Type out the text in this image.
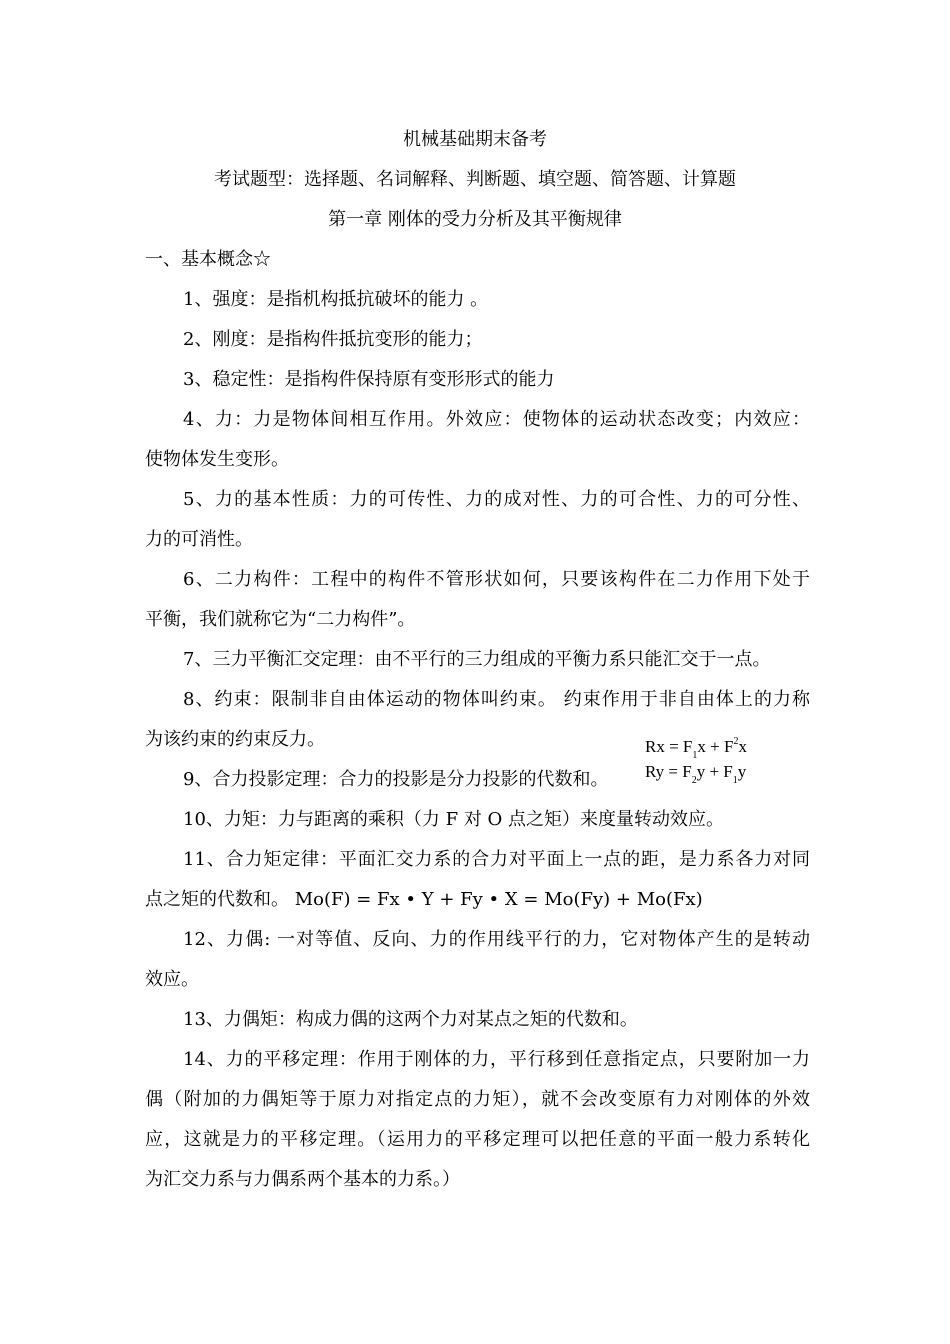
机械基础期末备考
考试题型：选择题、名词解释、判断题、填空题、简答题、计算题
第一章 刚体的受力分析及其平衡规律
一、基本概念☆
1、强度：是指机构抵抗破坏的能力 。
2、刚度：是指构件抵抗变形的能力；
3、稳定性：是指构件保持原有变形形式的能力
4、力：力是物体间相互作用。外效应：使物体的运动状态改变；内效应：
使物体发生变形。
5、力的基本性质：力的可传性、力的成对性、力的可合性、力的可分性、
力的可消性。
6、二力构件：工程中的构件不管形状如何，只要该构件在二力作用下处于
平衡，我们就称它为“二力构件”。
7、三力平衡汇交定理：由不平行的三力组成的平衡力系只能汇交于一点。
8、约束：限制非自由体运动的物体叫约束。 约束作用于非自由体上的力称
为该约束的约束反力。
9、合力投影定理：合力的投影是分力投影的代数和。
$Rx = F_1x + F_2x$
$Ry = F_2y + F_1y$
10、力矩：力与距离的乘积（力 F 对 O 点之矩）来度量转动效应。
11、合力矩定律：平面汇交力系的合力对平面上一点的距，是力系各力对同
点之矩的代数和。 Mo(F) = Fx • Y + Fy • X = Mo(Fy) + Mo(Fx)
12、力偶: 一对等值、反向、力的作用线平行的力，它对物体产生的是转动
效应。
13、力偶矩：构成力偶的这两个力对某点之矩的代数和。
14、力的平移定理：作用于刚体的力，平行移到任意指定点，只要附加一力
偶（附加的力偶矩等于原力对指定点的力矩），就不会改变原有力对刚体的外效
应，这就是力的平移定理。（运用力的平移定理可以把任意的平面一般力系转化
为汇交力系与力偶系两个基本的力系。）
